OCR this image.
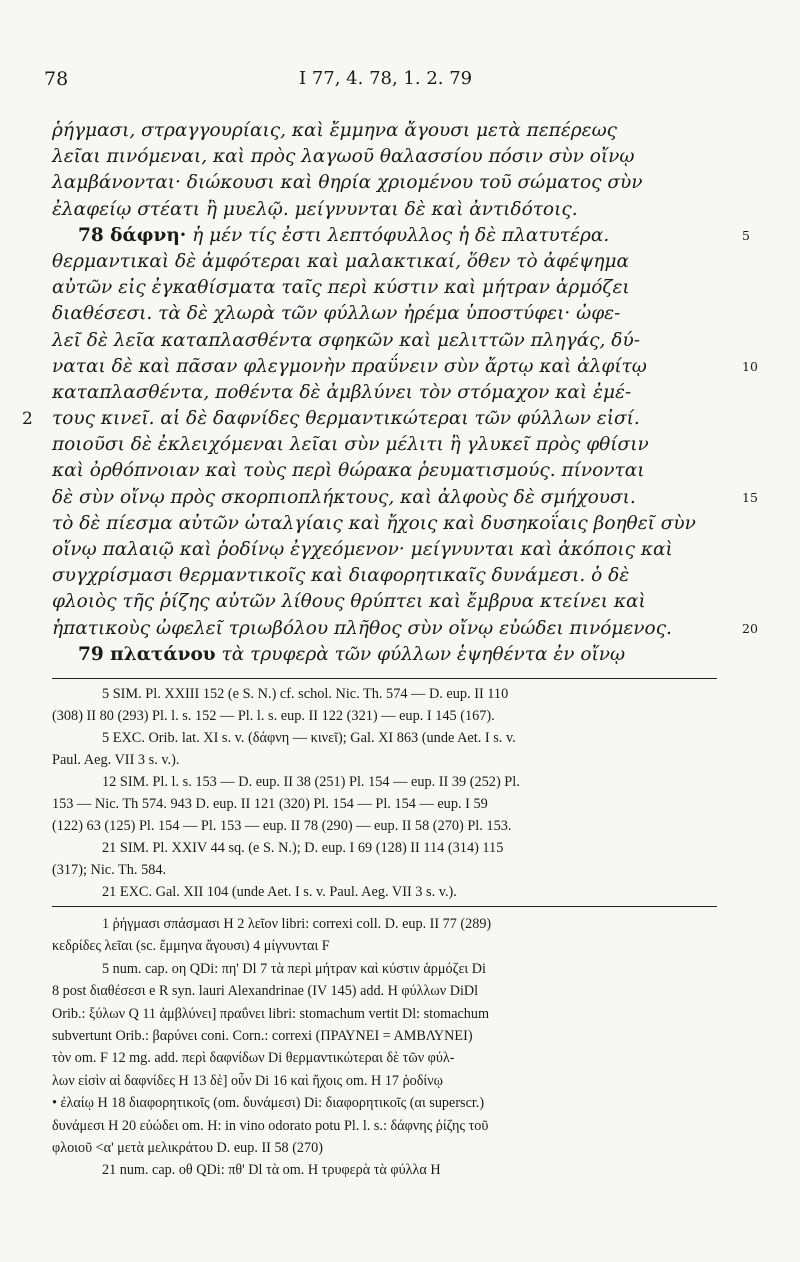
78	I 77, 4. 78, 1. 2. 79
ῥήγμασι, στραγγουρίαις, καὶ ἔμμηνα ἄγουσι μετὰ πεπέρεως
λεῖαι πινόμεναι, καὶ πρὸς λαγωοῦ θαλασσίου πόσιν σὺν οἴνῳ
λαμβάνονται· διώκουσι καὶ θηρία χριομένου τοῦ σώματος σὺν
ἐλαφείῳ στέατι ἢ μυελῷ. μείγνυνται δὲ καὶ ἀντιδότοις.
78 δάφνη· ἡ μέν τίς ἐστι λεπτόφυλλος ἡ δὲ πλατυτέρα.	5
θερμαντικαὶ δὲ ἀμφότεραι καὶ μαλακτικαί, ὅθεν τὸ ἀφέψημα
αὐτῶν εἰς ἐγκαθίσματα ταῖς περὶ κύστιν καὶ μήτραν ἁρμόζει
διαθέσεσι. τὰ δὲ χλωρὰ τῶν φύλλων ἠρέμα ὑποστύφει· ὠφε-
λεῖ δὲ λεῖα καταπλασθέντα σφηκῶν καὶ μελιττῶν πληγάς, δύ-
ναται δὲ καὶ πᾶσαν φλεγμονὴν πραΰνειν σὺν ἄρτῳ καὶ ἀλφίτῳ	10
καταπλασθέντα, ποθέντα δὲ ἀμβλύνει τὸν στόμαχον καὶ ἐμέ-
τους κινεῖ. αἱ δὲ δαφνίδες θερμαντικώτεραι τῶν φύλλων εἰσί.
2
ποιοῦσι δὲ ἐκλειχόμεναι λεῖαι σὺν μέλιτι ἢ γλυκεῖ πρὸς φθίσιν
καὶ ὀρθόπνοιαν καὶ τοὺς περὶ θώρακα ῥευματισμούς. πίνονται
δὲ σὺν οἴνῳ πρὸς σκορπιοπλήκτους, καὶ ἀλφοὺς δὲ σμήχουσι.	15
τὸ δὲ πίεσμα αὐτῶν ὠταλγίαις καὶ ἤχοις καὶ δυσηκοΐαις βοηθεῖ σὺν
οἴνῳ παλαιῷ καὶ ῥοδίνῳ ἐγχεόμενον· μείγνυνται καὶ ἀκόποις καὶ
συγχρίσμασι θερμαντικοῖς καὶ διαφορητικαῖς δυνάμεσι. ὁ δὲ
φλοιὸς τῆς ῥίζης αὐτῶν λίθους θρύπτει καὶ ἔμβρυα κτείνει καὶ
ἡπατικοὺς ὠφελεῖ τριωβόλου πλῆθος σὺν οἴνῳ εὐώδει πινόμενος.	20
79 πλατάνου τὰ τρυφερὰ τῶν φύλλων ἑψηθέντα ἐν οἴνῳ
5 SIM. Pl. XXIII 152 (e S. N.) cf. schol. Nic. Th. 574 — D. eup. II 110
(308) II 80 (293) Pl. l. s. 152 — Pl. l. s. eup. II 122 (321) — eup. I 145 (167).
5 EXC. Orib. lat. XI s. v. (δάφνη — κινεῖ); Gal. XI 863 (unde Aet. I s. v.
Paul. Aeg. VII 3 s. v.).
12 SIM. Pl. l. s. 153 — D. eup. II 38 (251) Pl. 154 — eup. II 39 (252) Pl.
153 — Nic. Th 574. 943 D. eup. II 121 (320) Pl. 154 — Pl. 154 — eup. I 59
(122) 63 (125) Pl. 154 — Pl. 153 — eup. II 78 (290) — eup. II 58 (270) Pl. 153.
21 SIM. Pl. XXIV 44 sq. (e S. N.); D. eup. I 69 (128) II 114 (314) 115
(317); Nic. Th. 584.
21 EXC. Gal. XII 104 (unde Aet. I s. v. Paul. Aeg. VII 3 s. v.).
1 ῥήγμασι σπάσμασι H 2 λεῖον libri: correxi coll. D. eup. II 77 (289)
κεδρίδες λεῖαι (sc. ἔμμηνα ἄγουσι) 4 μίγνυνται F
5 num. cap. οη QDi: πη' Dl 7 τὰ περὶ μήτραν καὶ κύστιν ἁρμόζει Di
8 post διαθέσεσι e R syn. lauri Alexandrinae (IV 145) add. H φύλλων DiDl
Orib.: ξύλων Q 11 ἀμβλύνει] πραΰνει libri: stomachum vertit Dl: stomachum
subvertunt Orib.: βαρύνει coni. Corn.: correxi (ΠΡΑΥΝΕΙ = ΑΜΒΛΥΝΕΙ)
τὸν om. F 12 mg. add. περὶ δαφνίδων Di θερμαντικώτεραι δὲ τῶν φύλ-
λων εἰσὶν αἱ δαφνίδες H 13 δὲ] οὖν Di 16 καὶ ἤχοις om. H 17 ῥοδίνῳ
• ἐλαίῳ H 18 διαφορητικοῖς (om. δυνάμεσι) Di: διαφορητικοῖς (αι superscr.)
δυνάμεσι H 20 εὐώδει om. H: in vino odorato potu Pl. l. s.: δάφνης ῥίζης τοῦ
φλοιοῦ <α' μετὰ μελικράτου D. eup. II 58 (270)
21 num. cap. οθ QDi: πθ' Dl τὰ om. H τρυφερὰ τὰ φύλλα H
